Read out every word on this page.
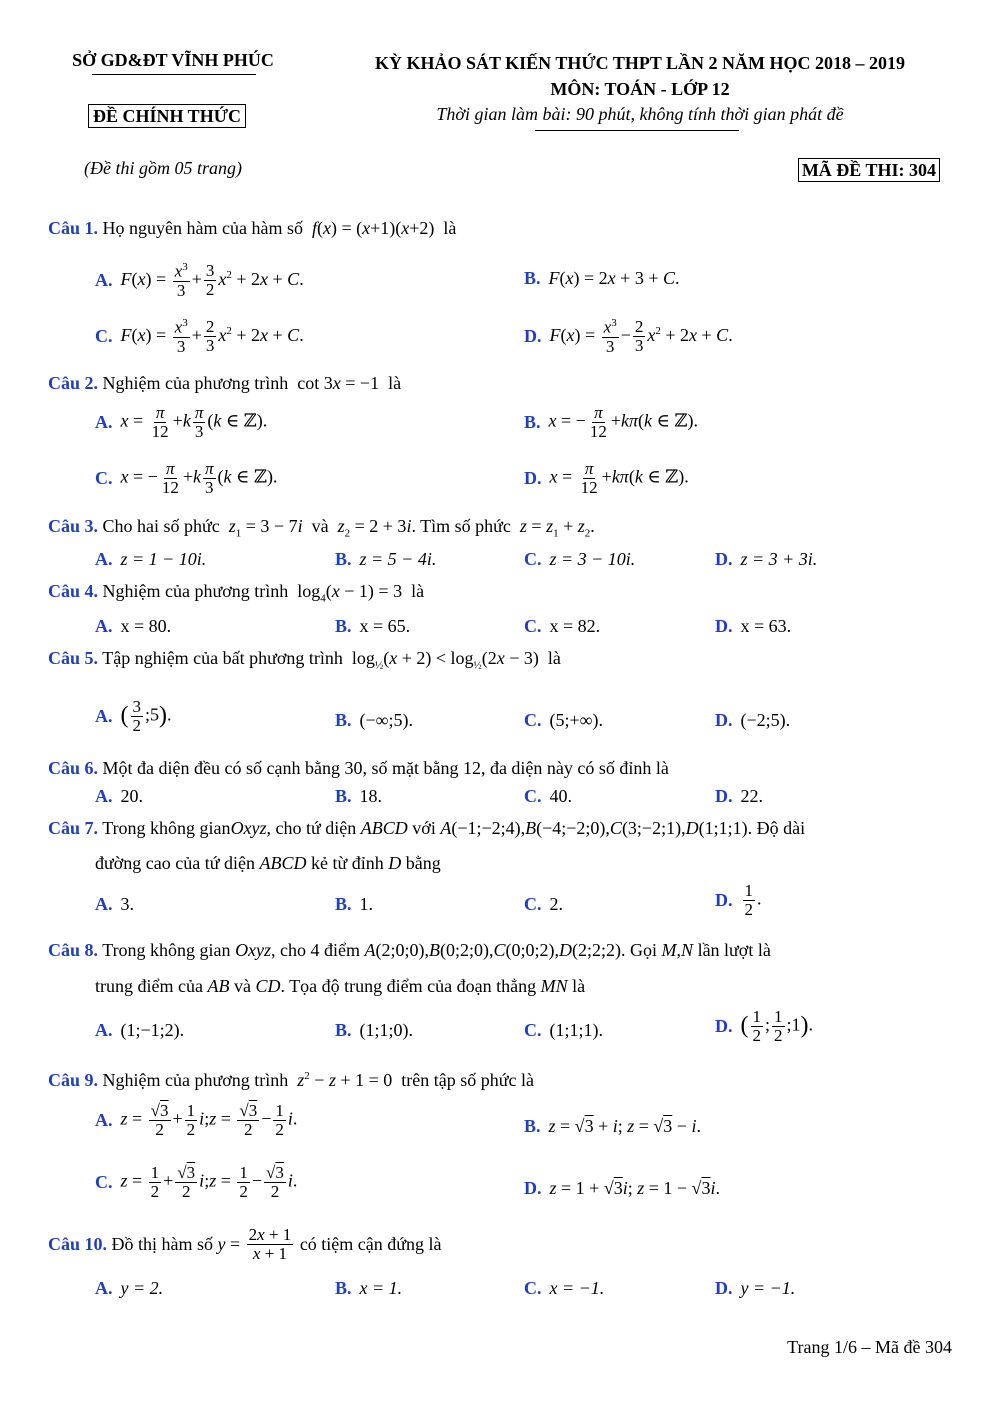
SỞ GD&ĐT VĨNH PHÚC
ĐỀ CHÍNH THỨC
(Đề thi gồm 05 trang)
KỲ KHẢO SÁT KIẾN THỨC THPT LẦN 2 NĂM HỌC 2018 – 2019
MÔN: TOÁN - LỚP 12
Thời gian làm bài: 90 phút, không tính thời gian phát đề
MÃ ĐỀ THI: 304
Câu 1. Họ nguyên hàm của hàm số  f(x) = (x+1)(x+2)  là
A. $F(x) = \frac{x^3}{3} + \frac{3}{2} x^2 + 2x + C$.	B. F(x) = 2x + 3 + C.
C. $F(x) = \frac{x^3}{3} + \frac{2}{3} x^2 + 2x + C$.	D. $F(x) = \frac{x^3}{3} - \frac{2}{3} x^2 + 2x + C$.
Câu 2. Nghiệm của phương trình  cot 3x = −1  là
A. $x = \frac{\pi}{12} +k \frac{\pi}{3} (k$ ∈ ℤ).	B. x = − $\frac{\pi}{12} +k\pi(k$ ∈ ℤ).
C. x = − $\frac{\pi}{12} +k \frac{\pi}{3} (k$ ∈ ℤ).	D. $x = \frac{\pi}{12} +k\pi(k$ ∈ ℤ).
Câu 3. Cho hai số phức $z_1 = 3 - 7i$ và $z_2 = 2 + 3i$. Tìm số phức $z = z_1 + z_2$.
A. z = 1 − 10i.	B. z = 5 − 4i.	C. z = 3 − 10i.	D. z = 3 + 3i.
Câu 4. Nghiệm của phương trình  $\log_4(x - 1) = 3$  là
A. x = 80.	B. x = 65.	C. x = 82.	D. x = 63.
Câu 5. Tập nghiệm của bất phương trình  $\log_{\frac{1}{2}}(x + 2) < \log_{\frac{1}{2}}(2x - 3)$  là
A. ( $\frac{3}{2}$ ;5).	B. (−∞;5).	C. (5;+∞).	D. (−2;5).
Câu 6. Một đa diện đều có số cạnh bằng 30, số mặt bằng 12, đa diện này có số đỉnh là
A. 20.	B. 18.	C. 40.	D. 22.
Câu 7. Trong không gianOxyz, cho tứ diện ABCD với A(−1;−2;4),B(−4;−2;0),C(3;−2;1),D(1;1;1). Độ dài
đường cao của tứ diện ABCD kẻ từ đỉnh D bằng
A. 3.	B. 1.	C. 2.	D. $\frac{1}{2}$ .
Câu 8. Trong không gian Oxyz, cho 4 điểm A(2;0;0),B(0;2;0),C(0;0;2),D(2;2;2). Gọi M,N lần lượt là
trung điểm của AB và CD. Tọa độ trung điểm của đoạn thẳng MN là
A. (1;−1;2).	B. (1;1;0).	C. (1;1;1).	D. ( $\frac{1}{2}$ ; $\frac{1}{2}$ ;1).
Câu 9. Nghiệm của phương trình $z^2 - z + 1 = 0$  trên tập số phức là
A. $z = \frac{√3}{2} + \frac{1}{2}$ i;z = $\frac{√3}{2} - \frac{1}{2} i$.	B. z = √3 + i; z = √3 − i.
C. $z = \frac{1}{2} + \frac{√3}{2}$ i;z = $\frac{1}{2} - \frac{√3}{2} i$.	D. z = 1 + √3i; z = 1 − √3i.
Câu 10.
Đồ thị hàm số
$y = \frac{2x + 1}{x + 1}$
có tiệm cận đứng là
A. y = 2.	B. x = 1.	C. x = −1.	D. y = −1.
Trang 1/6 – Mã đề 304
